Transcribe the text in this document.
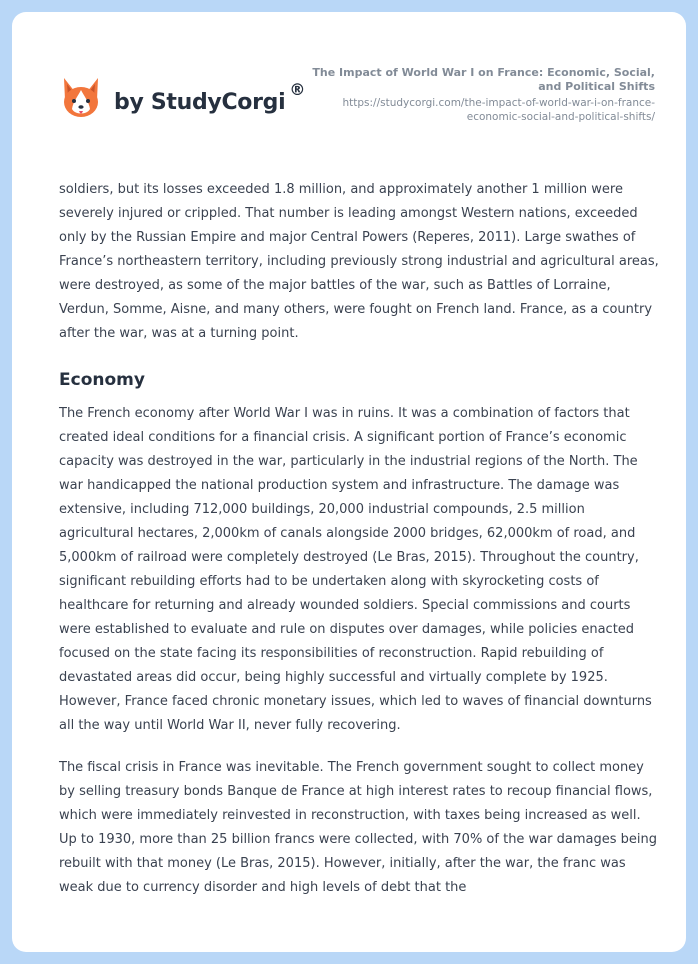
by StudyCorgi®
The Impact of World War I on France: Economic, Social, and Political Shifts
https://studycorgi.com/the-impact-of-world-war-i-on-france-economic-social-and-political-shifts/

soldiers, but its losses exceeded 1.8 million, and approximately another 1 million were severely injured or crippled. That number is leading amongst Western nations, exceeded only by the Russian Empire and major Central Powers (Reperes, 2011). Large swathes of France’s northeastern territory, including previously strong industrial and agricultural areas, were destroyed, as some of the major battles of the war, such as Battles of Lorraine, Verdun, Somme, Aisne, and many others, were fought on French land. France, as a country after the war, was at a turning point.

Economy

The French economy after World War I was in ruins. It was a combination of factors that created ideal conditions for a financial crisis. A significant portion of France’s economic capacity was destroyed in the war, particularly in the industrial regions of the North. The war handicapped the national production system and infrastructure. The damage was extensive, including 712,000 buildings, 20,000 industrial compounds, 2.5 million agricultural hectares, 2,000km of canals alongside 2000 bridges, 62,000km of road, and 5,000km of railroad were completely destroyed (Le Bras, 2015). Throughout the country, significant rebuilding efforts had to be undertaken along with skyrocketing costs of healthcare for returning and already wounded soldiers. Special commissions and courts were established to evaluate and rule on disputes over damages, while policies enacted focused on the state facing its responsibilities of reconstruction. Rapid rebuilding of devastated areas did occur, being highly successful and virtually complete by 1925. However, France faced chronic monetary issues, which led to waves of financial downturns all the way until World War II, never fully recovering.

The fiscal crisis in France was inevitable. The French government sought to collect money by selling treasury bonds Banque de France at high interest rates to recoup financial flows, which were immediately reinvested in reconstruction, with taxes being increased as well. Up to 1930, more than 25 billion francs were collected, with 70% of the war damages being rebuilt with that money (Le Bras, 2015). However, initially, after the war, the franc was weak due to currency disorder and high levels of debt that the
